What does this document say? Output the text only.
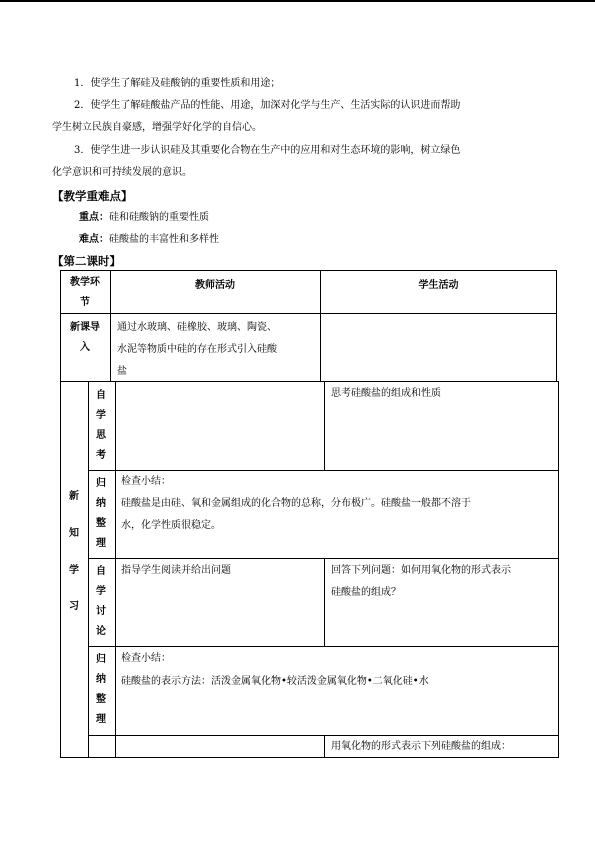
1．使学生了解硅及硅酸钠的重要性质和用途；
2．使学生了解硅酸盐产品的性能、用途，加深对化学与生产、生活实际的认识进而帮助
学生树立民族自豪感，增强学好化学的自信心。
3．使学生进一步认识硅及其重要化合物在生产中的应用和对生态环境的影响，树立绿色
化学意识和可持续发展的意识。
【教学重难点】
重点：硅和硅酸钠的重要性质
难点：硅酸盐的丰富性和多样性
【第二课时】
教学环
节
教师活动	学生活动
新课导
入
通过水玻璃、硅橡胶、玻璃、陶瓷、
水泥等物质中硅的存在形式引入硅酸
盐
新

知

学

习
自
学
思
考
思考硅酸盐的组成和性质
归
纳
整
理
检查小结：
硅酸盐是由硅、氧和金属组成的化合物的总称，分布极广。硅酸盐一般都不溶于
水，化学性质很稳定。
自
学
讨
论
指导学生阅读并给出问题	回答下列问题：如何用氧化物的形式表示
硅酸盐的组成？
归
纳
整
理
检查小结：
硅酸盐的表示方法：活泼金属氧化物•较活泼金属氧化物•二氧化硅•水
用氧化物的形式表示下列硅酸盐的组成：
